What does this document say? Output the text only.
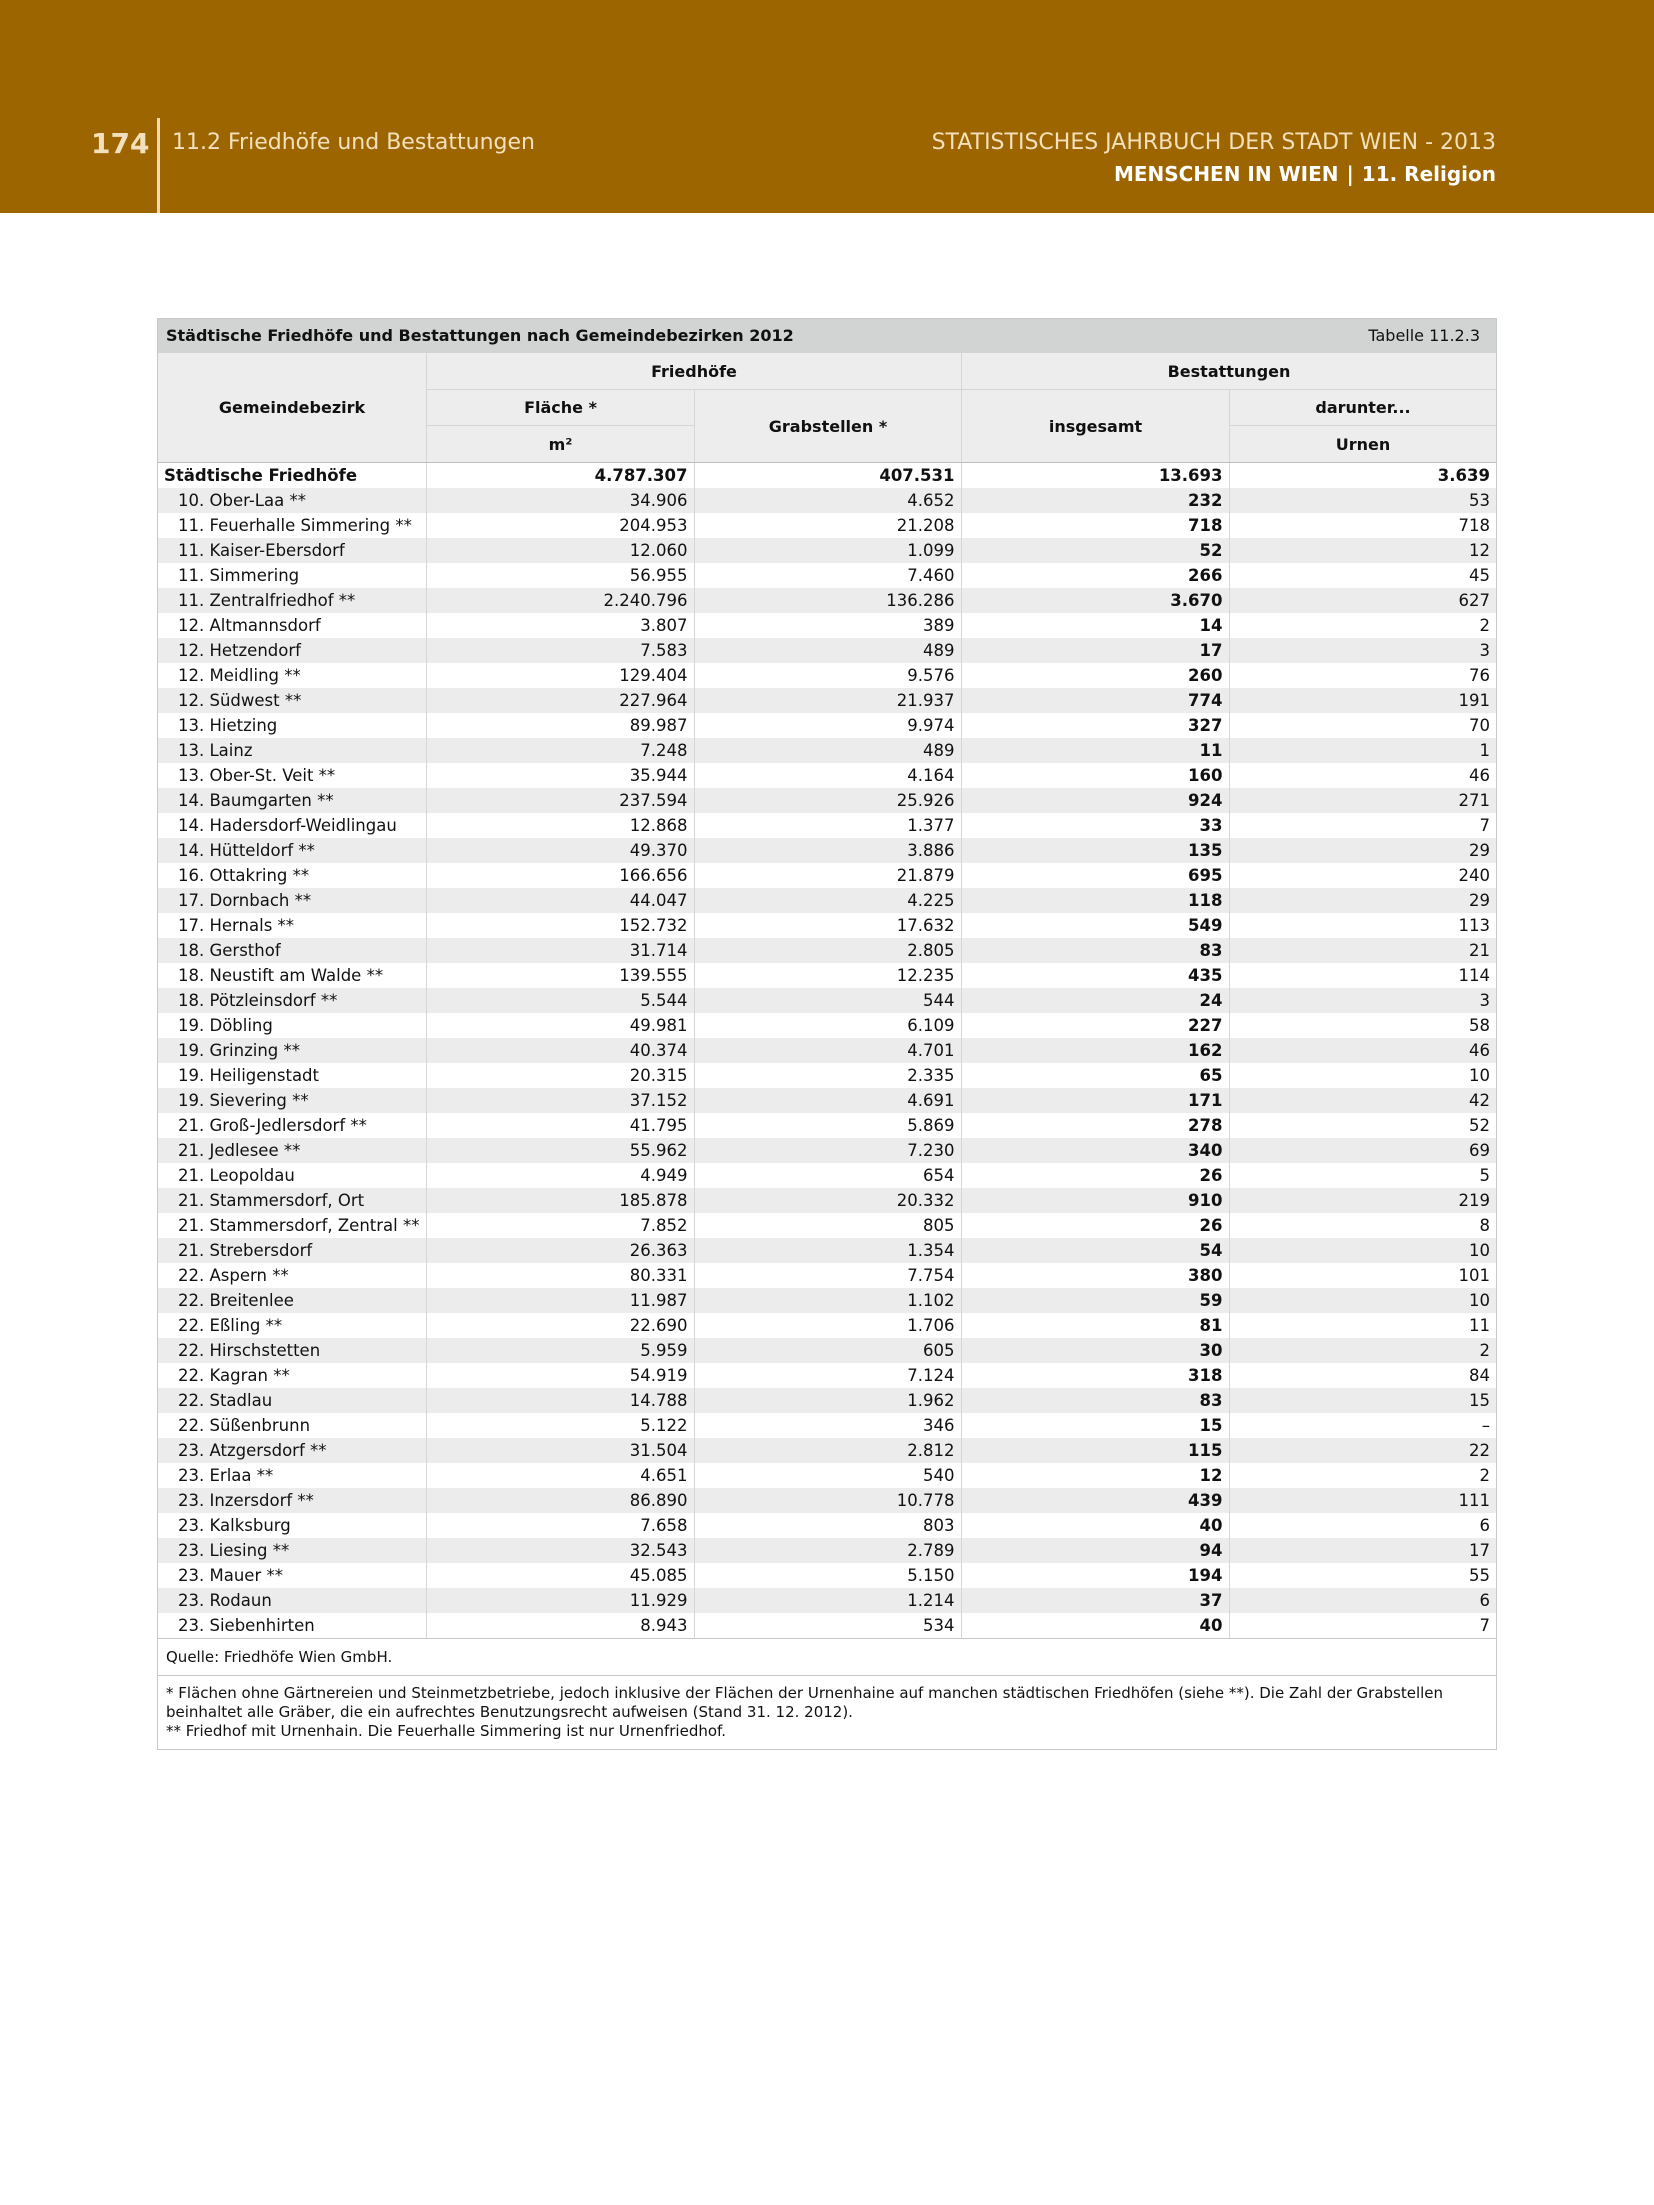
174 11.2 Friedhöfe und Bestattungen	STATISTISCHES JAHRBUCH DER STADT WIEN - 2013
MENSCHEN IN WIEN | 11. Religion
Städtische Friedhöfe und Bestattungen nach Gemeindebezirken 2012	Tabelle 11.2.3
Gemeindebezirk
Friedhöfe	Bestattungen
Fläche *
m²
Grabstellen *	insgesamt
darunter...
Urnen
Städtische Friedhöfe	4.787.307	407.531	13.693	3.639
10. Ober-Laa **	34.906	4.652	232	53
11. Feuerhalle Simmering **	204.953	21.208	718	718
11. Kaiser-Ebersdorf	12.060	1.099	52	12
11. Simmering	56.955	7.460	266	45
11. Zentralfriedhof **	2.240.796	136.286	3.670	627
12. Altmannsdorf	3.807	389	14	2
12. Hetzendorf	7.583	489	17	3
12. Meidling **	129.404	9.576	260	76
12. Südwest **	227.964	21.937	774	191
13. Hietzing	89.987	9.974	327	70
13. Lainz	7.248	489	11	1
13. Ober-St. Veit **	35.944	4.164	160	46
14. Baumgarten **	237.594	25.926	924	271
14. Hadersdorf-Weidlingau	12.868	1.377	33	7
14. Hütteldorf **	49.370	3.886	135	29
16. Ottakring **	166.656	21.879	695	240
17. Dornbach **	44.047	4.225	118	29
17. Hernals **	152.732	17.632	549	113
18. Gersthof	31.714	2.805	83	21
18. Neustift am Walde **	139.555	12.235	435	114
18. Pötzleinsdorf **	5.544	544	24	3
19. Döbling	49.981	6.109	227	58
19. Grinzing **	40.374	4.701	162	46
19. Heiligenstadt	20.315	2.335	65	10
19. Sievering **	37.152	4.691	171	42
21. Groß-Jedlersdorf **	41.795	5.869	278	52
21. Jedlesee **	55.962	7.230	340	69
21. Leopoldau	4.949	654	26	5
21. Stammersdorf, Ort	185.878	20.332	910	219
21. Stammersdorf, Zentral **	7.852	805	26	8
21. Strebersdorf	26.363	1.354	54	10
22. Aspern **	80.331	7.754	380	101
22. Breitenlee	11.987	1.102	59	10
22. Eßling **	22.690	1.706	81	11
22. Hirschstetten	5.959	605	30	2
22. Kagran **	54.919	7.124	318	84
22. Stadlau	14.788	1.962	83	15
22. Süßenbrunn	5.122	346	15	–
23. Atzgersdorf **	31.504	2.812	115	22
23. Erlaa **	4.651	540	12	2
23. Inzersdorf **	86.890	10.778	439	111
23. Kalksburg	7.658	803	40	6
23. Liesing **	32.543	2.789	94	17
23. Mauer **	45.085	5.150	194	55
23. Rodaun	11.929	1.214	37	6
23. Siebenhirten	8.943	534	40	7
Quelle: Friedhöfe Wien GmbH.
* Flächen ohne Gärtnereien und Steinmetzbetriebe, jedoch inklusive der Flächen der Urnenhaine auf manchen städtischen Friedhöfen (siehe **). Die Zahl der Grabstellen beinhaltet alle Gräber, die ein aufrechtes Benutzungsrecht aufweisen (Stand 31. 12. 2012).
** Friedhof mit Urnenhain. Die Feuerhalle Simmering ist nur Urnenfriedhof.
